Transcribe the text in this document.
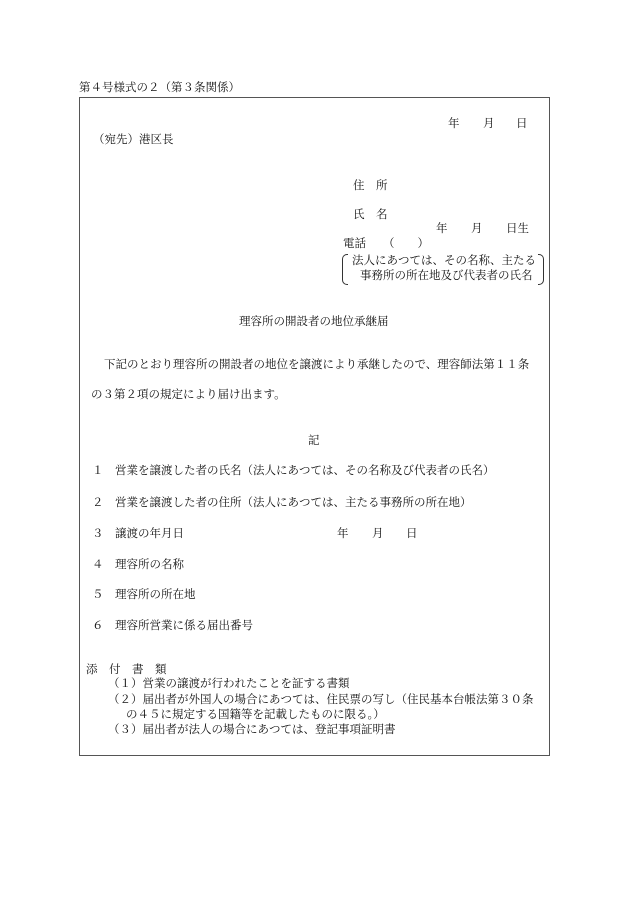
第４号様式の２（第３条関係）
年 月 日
（宛先）港区長
住　所
氏　名
年 月 日生
電話 （　　）
法人にあつては、その名称、主たる
事務所の所在地及び代表者の氏名
理容所の開設者の地位承継届
下記のとおり理容所の開設者の地位を譲渡により承継したので、理容師法第１１条
の３第２項の規定により届け出ます。
記
１ 営業を譲渡した者の氏名（法人にあつては、その名称及び代表者の氏名）
２ 営業を譲渡した者の住所（法人にあつては、主たる事務所の所在地）
３ 譲渡の年月日	年 月 日
４ 理容所の名称
５ 理容所の所在地
６ 理容所営業に係る届出番号
添　付　書　類
（１）営業の譲渡が行われたことを証する書類
（２）届出者が外国人の場合にあつては、住民票の写し（住民基本台帳法第３０条
の４５に規定する国籍等を記載したものに限る。）
（３）届出者が法人の場合にあつては、登記事項証明書
